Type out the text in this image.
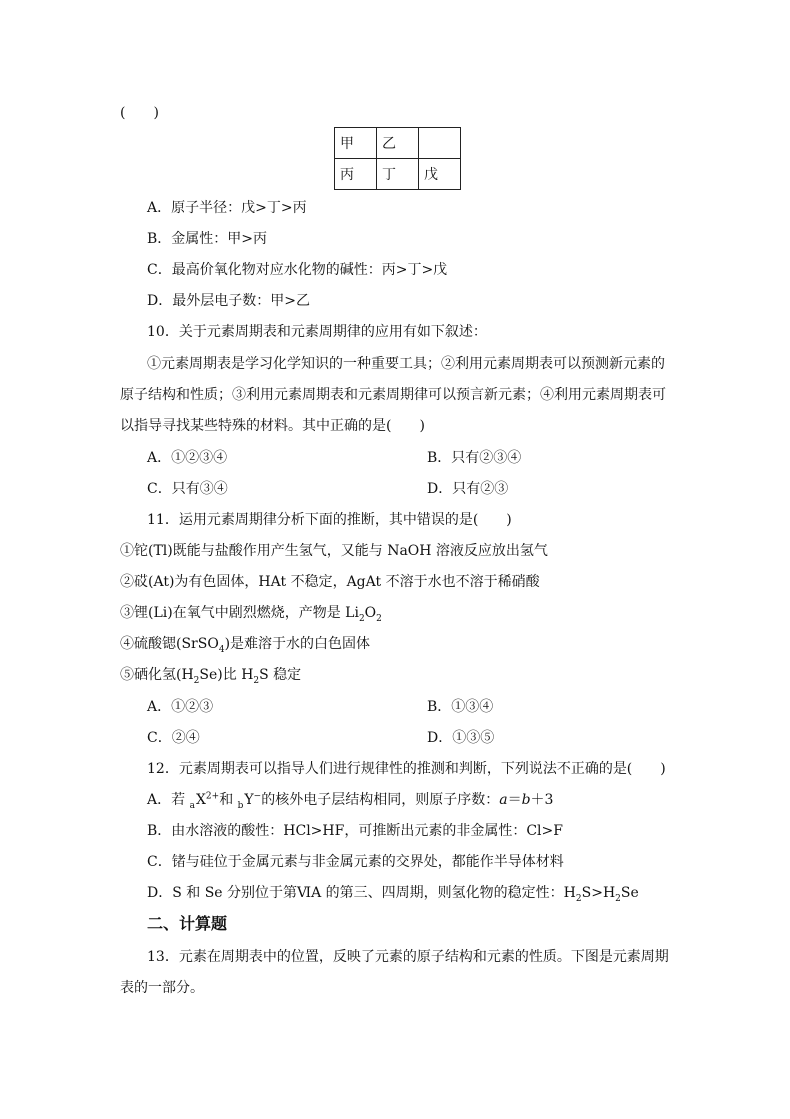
(　　)
甲	乙	
丙	丁	戊
A．原子半径：戊>丁>丙
B．金属性：甲>丙
C．最高价氧化物对应水化物的碱性：丙>丁>戊
D．最外层电子数：甲>乙
10．关于元素周期表和元素周期律的应用有如下叙述：
①元素周期表是学习化学知识的一种重要工具；②利用元素周期表可以预测新元素的
原子结构和性质；③利用元素周期表和元素周期律可以预言新元素；④利用元素周期表可
以指导寻找某些特殊的材料。其中正确的是(　　)
A．①②③④	B．只有②③④
C．只有③④	D．只有②③
11．运用元素周期律分析下面的推断，其中错误的是(　　)
①铊(Tl)既能与盐酸作用产生氢气，又能与 NaOH 溶液反应放出氢气
②砹(At)为有色固体，HAt 不稳定，AgAt 不溶于水也不溶于稀硝酸
③锂(Li)在氧气中剧烈燃烧，产物是 $Li_2O_2$
④硫酸锶(SrSO$_4$)是难溶于水的白色固体
⑤硒化氢$(H_2Se)$比 $H_2S$ 稳定
A．①②③	B．①③④
C．②④	D．①③⑤
12．元素周期表可以指导人们进行规律性的推测和判断，下列说法不正确的是(　　)
A．若 $_aX^{2+}$和 $_b$Y−的核外电子层结构相同，则原子序数：a＝b＋3
B．由水溶液的酸性：HCl>HF，可推断出元素的非金属性：Cl>F
C．锗与硅位于金属元素与非金属元素的交界处，都能作半导体材料
D．S 和 Se 分别位于第ⅥA 的第三、四周期，则氢化物的稳定性：$H_2S>H_2Se$
二、计算题
13．元素在周期表中的位置，反映了元素的原子结构和元素的性质。下图是元素周期
表的一部分。
